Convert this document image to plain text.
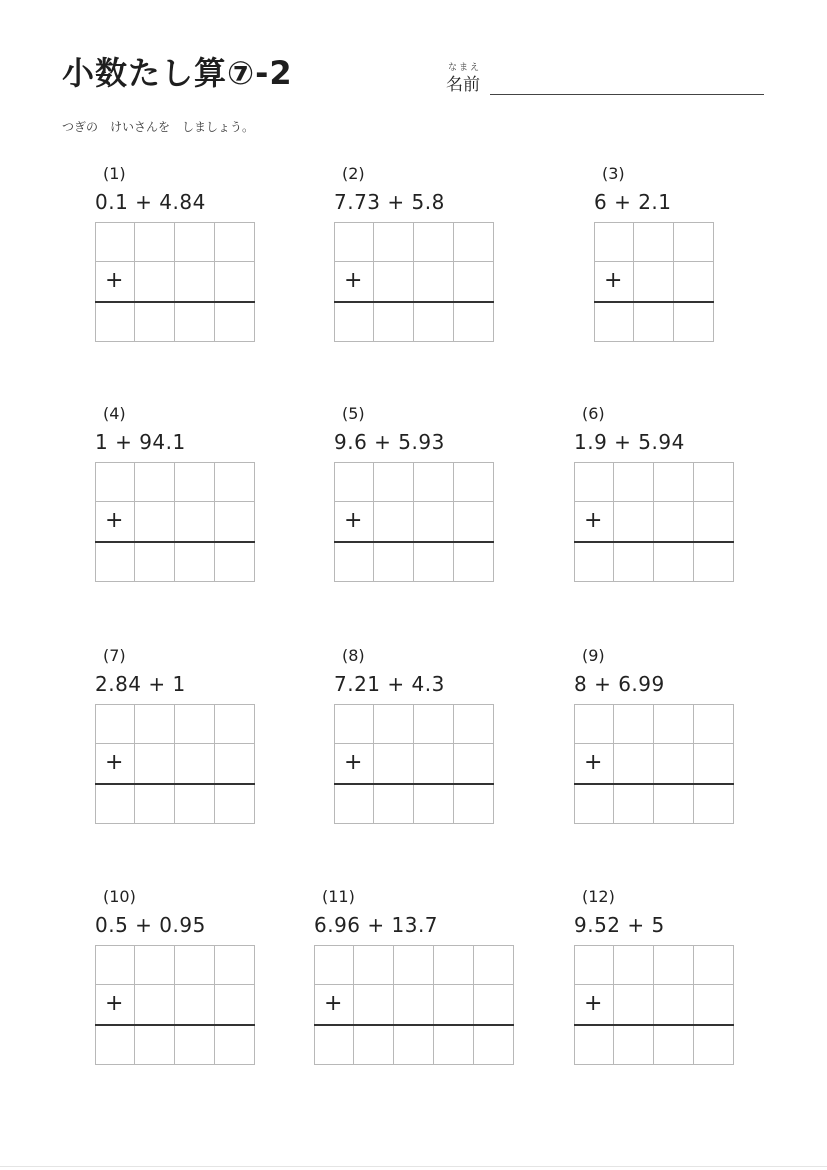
小数たし算⑦-2	なまえ
名前
つぎの　けいさんを　しましょう。
(1)
0.1 + 4.84
+
(2)
7.73 + 5.8
+
(3)
6 + 2.1
+
(4)
1 + 94.1
+
(5)
9.6 + 5.93
+
(6)
1.9 + 5.94
+
(7)
2.84 + 1
+
(8)
7.21 + 4.3
+
(9)
8 + 6.99
+
(10)
0.5 + 0.95
+
(11)
6.96 + 13.7
+
(12)
9.52 + 5
+
